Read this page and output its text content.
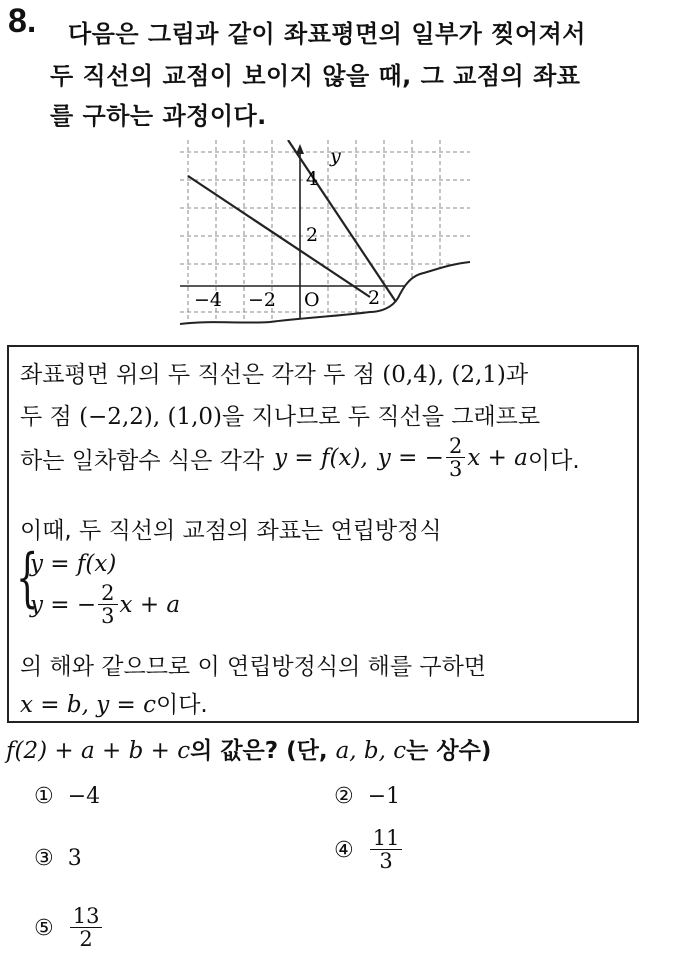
8. 다음은 그림과 같이 좌표평면의 일부가 찢어져서
두 직선의 교점이 보이지 않을 때, 그 교점의 좌표
를 구하는 과정이다.
y
4
2
−4 −2 O	2
좌표평면 위의 두 직선은 각각 두 점 (0,4), (2,1)과
두 점 (−2,2), (1,0)을 지나므로 두 직선을 그래프로
하는 일차함수 식은 각각 y = f(x), y = − $\frac{2}{3}$ x + a 이다.
이때, 두 직선의 교점의 좌표는 연립방정식
{
y = f(x)
y = − $\frac{2}{3}$ x + a
의 해와 같으므로 이 연립방정식의 해를 구하면
x = b, y = c이다.
f(2) + a + b + c의 값은? (단, a, b, c는 상수)
① −4	② −1
③ 3	④
$\frac{11}{3}$
⑤
$\frac{13}{2}$
